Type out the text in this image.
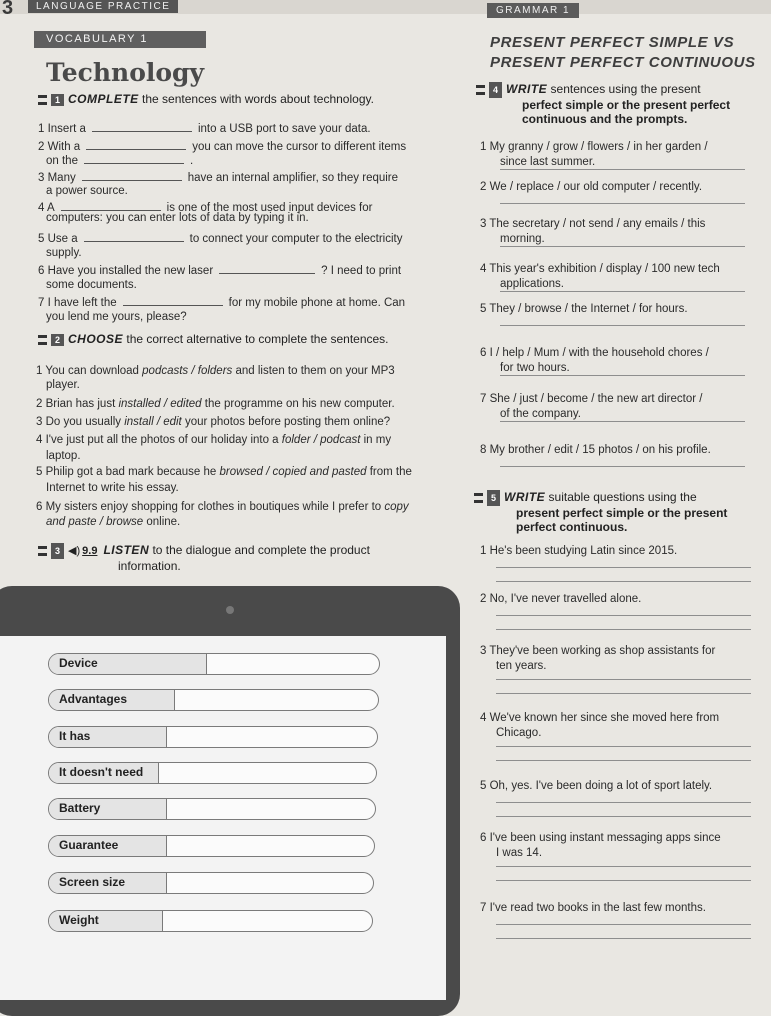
3	LANGUAGE PRACTICE	GRAMMAR 1
VOCABULARY 1
Technology
PRESENT PERFECT SIMPLE VS
PRESENT PERFECT CONTINUOUS
1 COMPLETE the sentences with words about technology.
1 Insert a	into a USB port to save your data.
2 With a	you can move the cursor to different items
on the	.
3 Many	have an internal amplifier, so they require
a power source.
4 A	is one of the most used input devices for
computers: you can enter lots of data by typing it in.
5 Use a	to connect your computer to the electricity
supply.
6 Have you installed the new laser	? I need to print
some documents.
7 I have left the	for my mobile phone at home. Can
you lend me yours, please?
2 CHOOSE the correct alternative to complete the sentences.
1 You can download podcasts / folders and listen to them on your MP3
player.
2 Brian has just installed / edited the programme on his new computer.
3 Do you usually install / edit your photos before posting them online?
4 I've just put all the photos of our holiday into a folder / podcast in my
laptop.
5 Philip got a bad mark because he browsed / copied and pasted from the
Internet to write his essay.
6 My sisters enjoy shopping for clothes in boutiques while I prefer to copy
and paste / browse online.
3 ◀) 9.9 LISTEN to the dialogue and complete the product
information.
Device
Advantages
It has
It doesn't need
Battery
Guarantee
Screen size
Weight
4 WRITE sentences using the present
perfect simple or the present perfect
continuous and the prompts.
1 My granny / grow / flowers / in her garden /
since last summer.
2 We / replace / our old computer / recently.
3 The secretary / not send / any emails / this
morning.
4 This year's exhibition / display / 100 new tech
applications.
5 They / browse / the Internet / for hours.
6 I / help / Mum / with the household chores /
for two hours.
7 She / just / become / the new art director /
of the company.
8 My brother / edit / 15 photos / on his profile.
5 WRITE suitable questions using the
present perfect simple or the present
perfect continuous.
1 He's been studying Latin since 2015.
2 No, I've never travelled alone.
3 They've been working as shop assistants for
ten years.
4 We've known her since she moved here from
Chicago.
5 Oh, yes. I've been doing a lot of sport lately.
6 I've been using instant messaging apps since
I was 14.
7 I've read two books in the last few months.
